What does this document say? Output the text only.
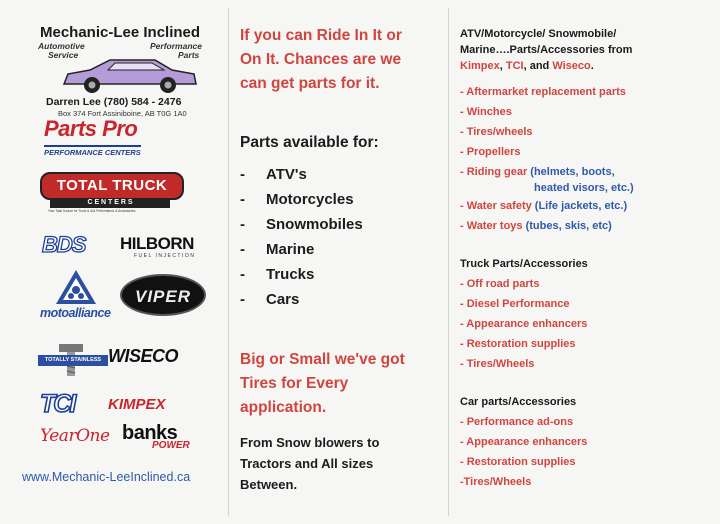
Mechanic-Lee Inclined
Automotive
Service
Performance
Parts
Darren Lee (780) 584 - 2476
Box 374 Fort Assiniboine, AB T0G 1A0
Parts Pro
PERFORMANCE CENTERS
TOTAL TRUCK
C E N T E R S
Your Total Source for Truck & 4x4 Performance & Accessories
BDS HILBORN
FUEL INJECTION
motoalliance
VIPER
TOTALLY STAINLESS WISECO
TCI	KIMPEX
YearOne banks
POWER
www.Mechanic-LeeInclined.ca
If you can Ride In It or
On It. Chances are we
can get parts for it.
Parts available for:
- ATV's
- Motorcycles
- Snowmobiles
- Marine
- Trucks
- Cars
Big or Small we've got
Tires for Every
application.
From Snow blowers to
Tractors and All sizes
Between.
ATV/Motorcycle/ Snowmobile/
Marine….Parts/Accessories from
Kimpex, TCI, and Wiseco.
- Aftermarket replacement parts
- Winches
- Tires/wheels
- Propellers
- Riding gear (helmets, boots,
heated visors, etc.)
- Water safety (Life jackets, etc.)
- Water toys (tubes, skis, etc)
Truck Parts/Accessories
- Off road parts
- Diesel Performance
- Appearance enhancers
- Restoration supplies
- Tires/Wheels
Car parts/Accessories
- Performance ad-ons
- Appearance enhancers
- Restoration supplies
-Tires/Wheels
